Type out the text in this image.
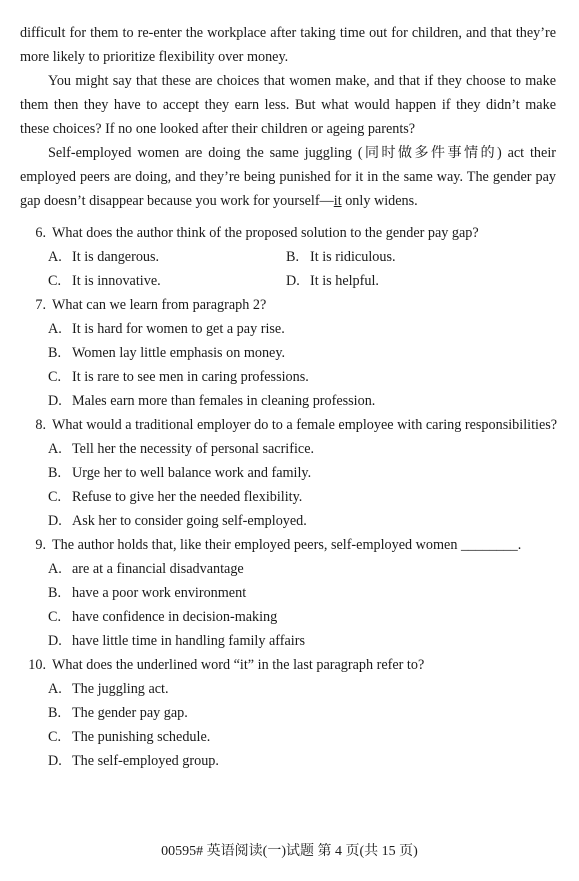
difficult for them to re-enter the workplace after taking time out for children, and that they’re more likely to prioritize flexibility over money.

You might say that these are choices that women make, and that if they choose to make them then they have to accept they earn less. But what would happen if they didn’t make these choices? If no one looked after their children or ageing parents?

Self-employed women are doing the same juggling (同时做多件事情的) act their employed peers are doing, and they’re being punished for it in the same way. The gender pay gap doesn’t disappear because you work for yourself—it only widens.

6. What does the author think of the proposed solution to the gender pay gap?
A. It is dangerous.	B. It is ridiculous.
C. It is innovative.	D. It is helpful.
7. What can we learn from paragraph 2?
A. It is hard for women to get a pay rise.
B. Women lay little emphasis on money.
C. It is rare to see men in caring professions.
D. Males earn more than females in cleaning profession.
8. What would a traditional employer do to a female employee with caring responsibilities?
A. Tell her the necessity of personal sacrifice.
B. Urge her to well balance work and family.
C. Refuse to give her the needed flexibility.
D. Ask her to consider going self-employed.
9. The author holds that, like their employed peers, self-employed women ________.
A. are at a financial disadvantage
B. have a poor work environment
C. have confidence in decision-making
D. have little time in handling family affairs
10. What does the underlined word “it” in the last paragraph refer to?
A. The juggling act.
B. The gender pay gap.
C. The punishing schedule.
D. The self-employed group.
00595# 英语阅读(一)试题 第 4 页(共 15 页)
